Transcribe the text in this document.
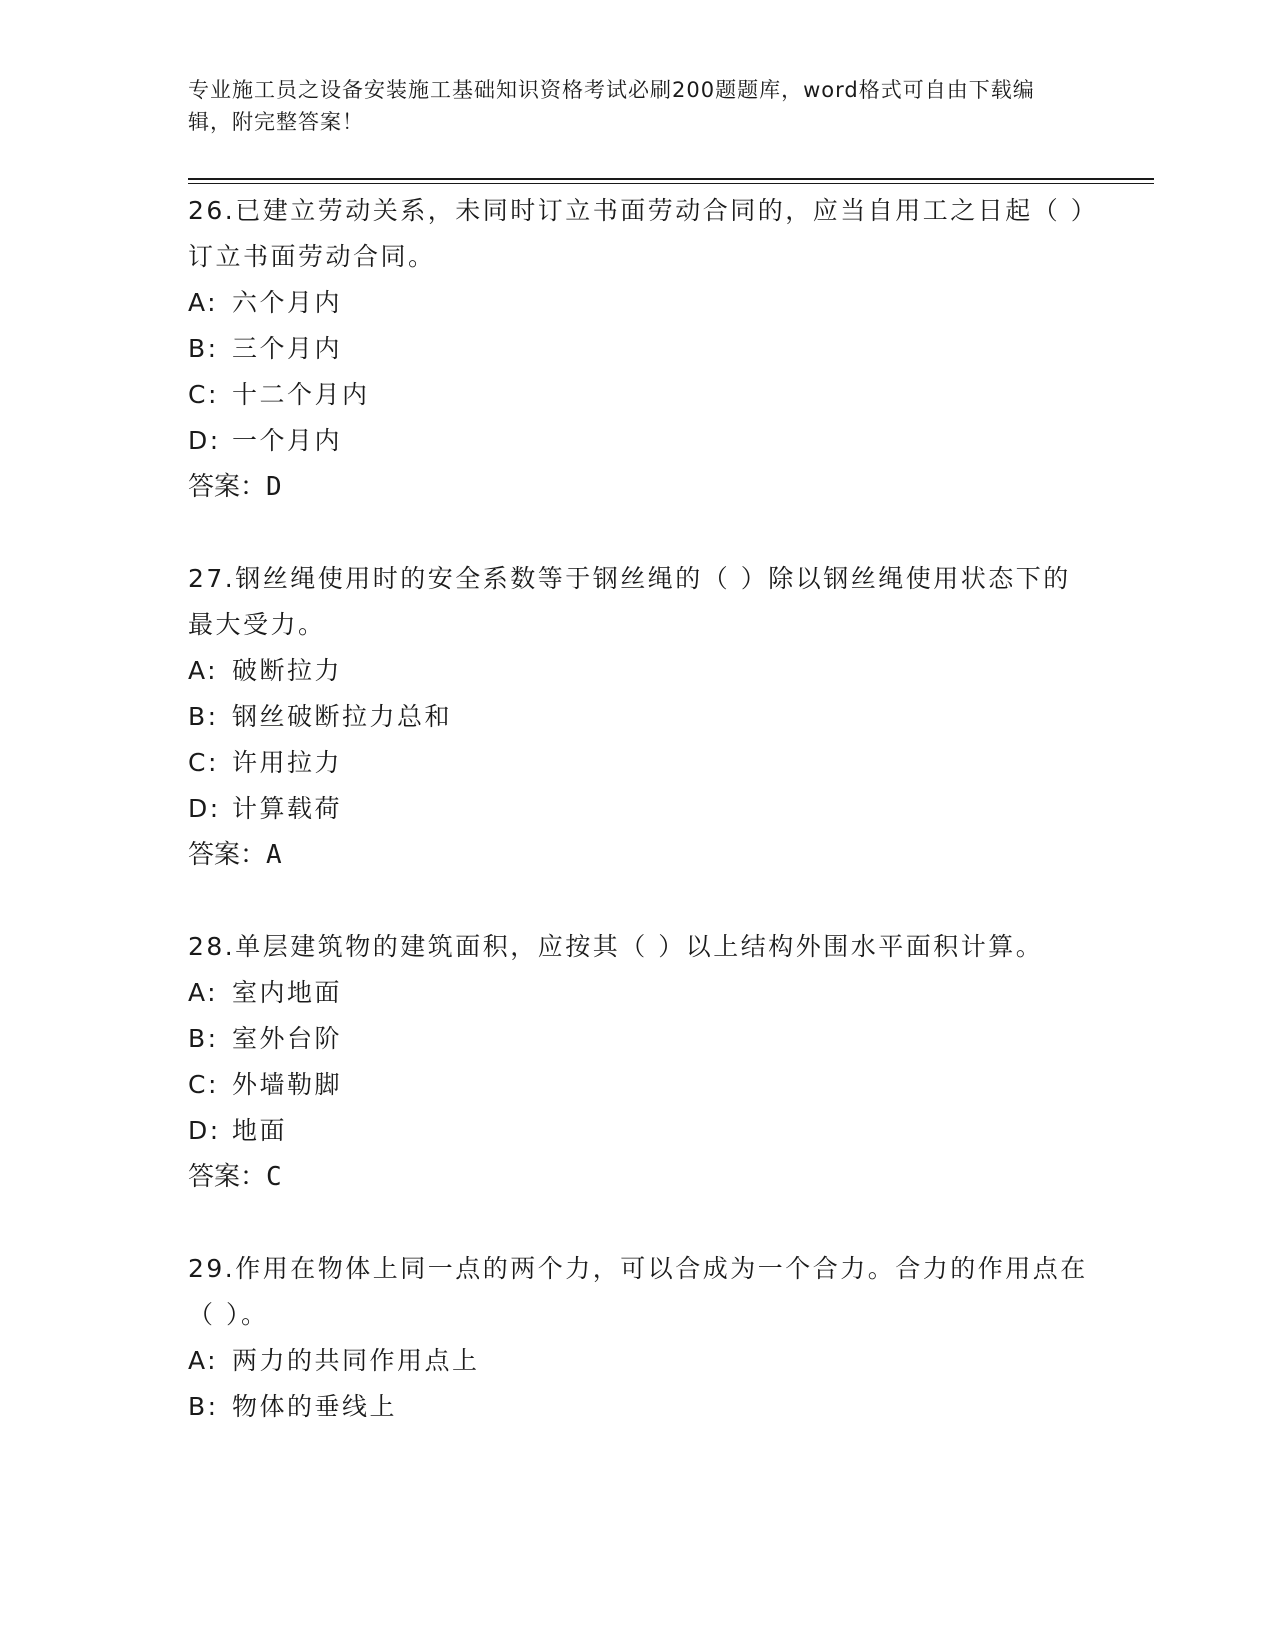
专业施工员之设备安装施工基础知识资格考试必刷200题题库，word格式可自由下载编辑，附完整答案！
26.已建立劳动关系，未同时订立书面劳动合同的，应当自用工之日起（ ）订立书面劳动合同。
A: 六个月内
B: 三个月内
C: 十二个月内
D: 一个月内
答案：D
27.钢丝绳使用时的安全系数等于钢丝绳的（ ）除以钢丝绳使用状态下的最大受力。
A: 破断拉力
B: 钢丝破断拉力总和
C: 许用拉力
D: 计算载荷
答案：A
28.单层建筑物的建筑面积，应按其（ ）以上结构外围水平面积计算。
A: 室内地面
B: 室外台阶
C: 外墙勒脚
D: 地面
答案：C
29.作用在物体上同一点的两个力，可以合成为一个合力。合力的作用点在（ ）。
A: 两力的共同作用点上
B: 物体的垂线上
